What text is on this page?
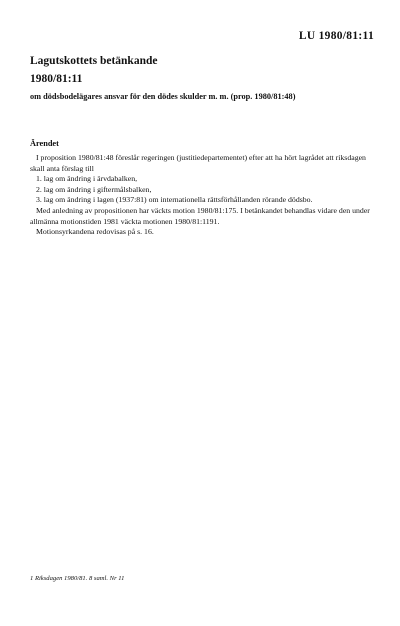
LU 1980/81:11
Lagutskottets betänkande
1980/81:11
om dödsbodelägares ansvar för den dödes skulder m. m. (prop. 1980/81:48)
Ärendet

I proposition 1980/81:48 föreslår regeringen (justitiedepartementet) efter att ha hört lagrådet att riksdagen skall anta förslag till

1. lag om ändring i ärvdabalken,

2. lag om ändring i giftermålsbalken,

3. lag om ändring i lagen (1937:81) om internationella rättsförhållanden rörande dödsbo.

Med anledning av propositionen har väckts motion 1980/81:175. I betänkandet behandlas vidare den under allmänna motionstiden 1981 väckta motionen 1980/81:1191.

Motionsyrkandena redovisas på s. 16.

1 Riksdagen 1980/81. 8 saml. Nr 11
